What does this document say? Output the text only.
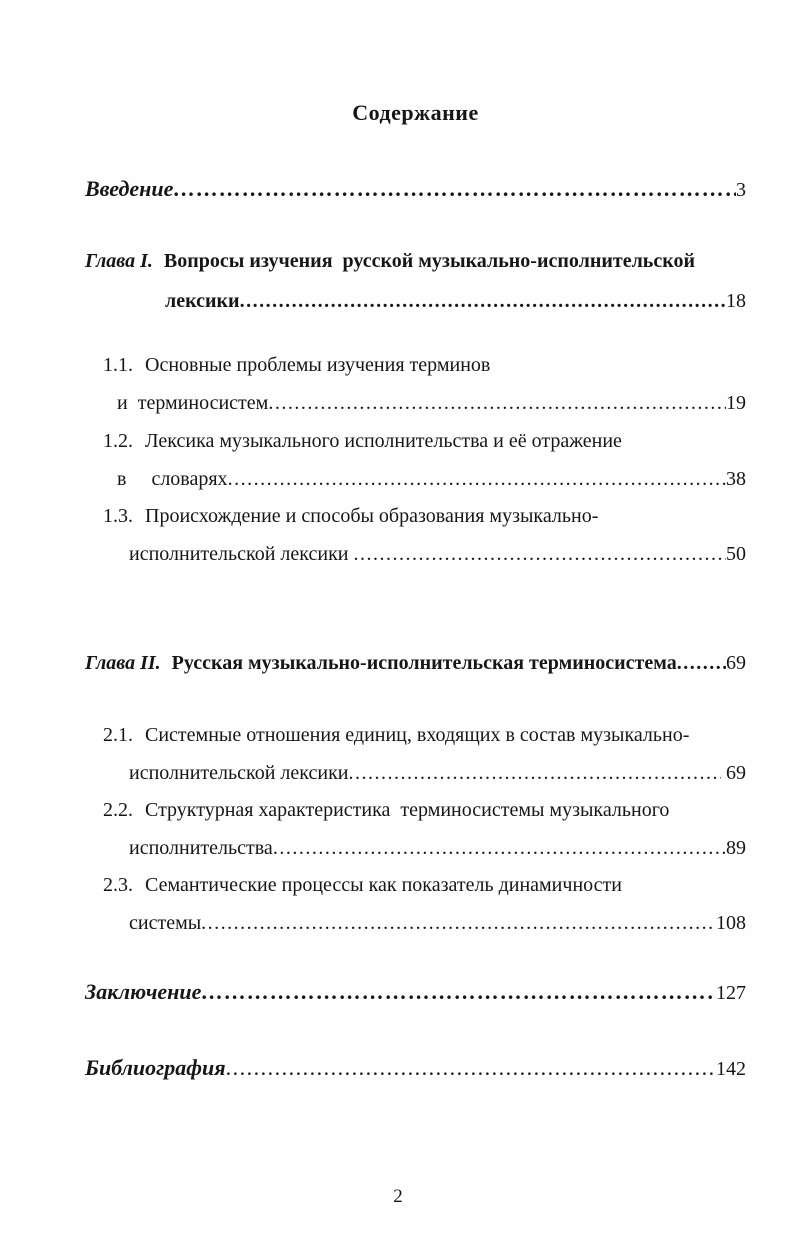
Содержание
Введение …………………………………………………………………………	3
Глава I. Вопросы изучения  русской музыкально-исполнительской
лексики .....	18
1.1. Основные проблемы изучения терминов
и  терминосистем .....	19
1.2. Лексика музыкального исполнительства и её отражение
в     словарях .....	38
1.3. Происхождение и способы образования музыкально-
исполнительской лексики .....	50
Глава II. Русская музыкально-исполнительская терминосистема ..... 69
2.1. Системные отношения единиц, входящих в состав музыкально-
исполнительской лексики .....	69
2.2. Структурная характеристика  терминосистемы музыкального
исполнительства .....	89
2.3. Семантические процессы как показатель динамичности
системы .....	108
Заключение …………………………………………………………………………	127
Библиография .....	142
2
